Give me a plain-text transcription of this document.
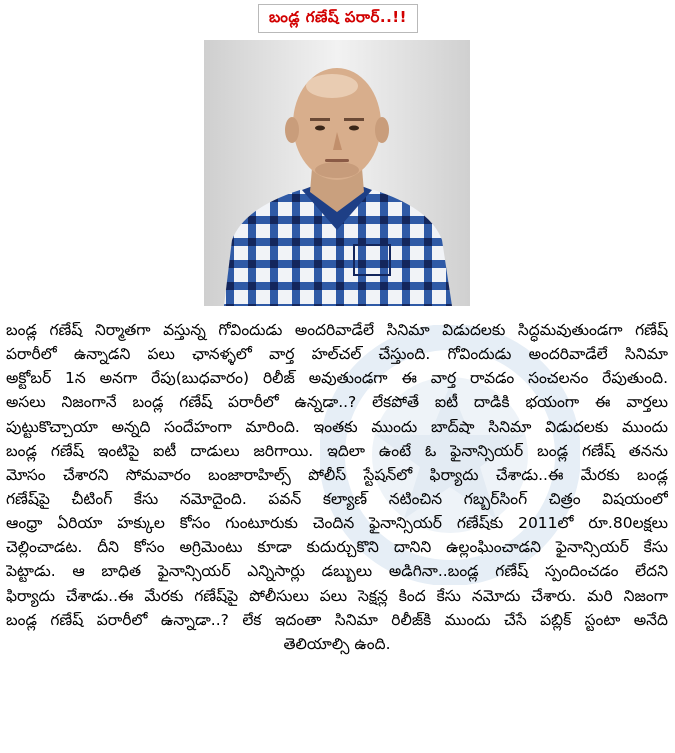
బండ్ల గణేష్ పరార్..!!
బండ్ల గణేష్ నిర్మాతగా వస్తున్న గోవిందుడు అందరివాడేలే సినిమా విడుదలకు సిద్ధమవుతుండగా గణేష్
పరారీలో ఉన్నాడని పలు ఛానళ్ళలో వార్త హల్‌చల్ చేస్తుంది. గోవిందుడు అందరివాడేలే సినిమా
అక్టోబర్ 1న అనగా రేపు(బుధవారం) రిలీజ్ అవుతుండగా ఈ వార్త రావడం సంచలనం రేపుతుంది.
అసలు నిజంగానే బండ్ల గణేష్ పరారీలో ఉన్నడా..? లేకపోతే ఐటీ దాడికి భయంగా ఈ వార్తలు
పుట్టుకొచ్చాయా అన్నది సందేహంగా మారింది. ఇంతకు ముందు బాద్‌షా సినిమా విడుదలకు ముందు
బండ్ల గణేష్ ఇంటిపై ఐటీ దాడులు జరిగాయి. ఇదిలా ఉంటే ఓ ఫైనాన్సియర్ బండ్ల గణేష్ తనను
మోసం చేశారని సోమవారం బంజారాహిల్స్ పోలీస్ స్టేషన్‌లో ఫిర్యాదు చేశాడు..ఈ మేరకు బండ్ల
గణేష్‌పై చీటింగ్ కేసు నమోదైంది. పవన్ కల్యాణ్ నటించిన గబ్బర్‌సింగ్ చిత్రం విషయంలో
ఆంధ్రా ఏరియా హక్కుల కోసం గుంటూరుకు చెందిన ఫైనాన్సియర్ గణేష్‌కు 2011లో రూ.80లక్షలు
చెల్లించాడట. దీని కోసం అగ్రిమెంటు కూడా కుదుర్చుకొని దానిని ఉల్లంఘించాడని ఫైనాన్సియర్ కేసు
పెట్టాడు. ఆ బాధిత ఫైనాన్సియర్ ఎన్నిసార్లు డబ్బులు అడిగినా..బండ్ల గణేష్ స్పందించడం లేదని
ఫిర్యాదు చేశాడు..ఈ మేరకు గణేష్‌పై పోలీసులు పలు సెక్షన్ల కింద కేసు నమోదు చేశారు. మరి నిజంగా
బండ్ల గణేష్ పరారీలో ఉన్నాడా..? లేక ఇదంతా సినిమా రిలీజ్‌కి ముందు చేసే పబ్లిక్ స్టంటా అనేది
తెలియాల్సి ఉంది.
